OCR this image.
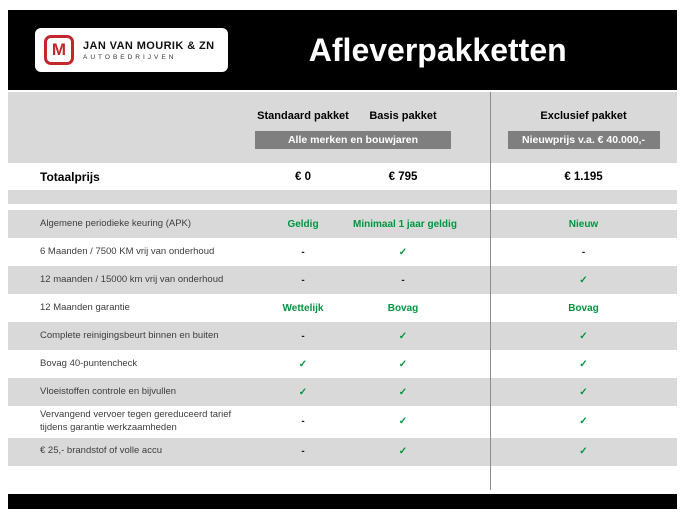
M	JAN VAN MOURIK & ZN
AUTOBEDRIJVEN	Afleverpakketten
Standaard pakket	Basis pakket	Exclusief pakket
Alle merken en bouwjaren	Nieuwprijs v.a. € 40.000,-
Totaalprijs	€ 0	€ 795	€ 1.195
Algemene periodieke keuring (APK)	Geldig	Minimaal 1 jaar geldig	Nieuw
6 Maanden / 7500 KM vrij van onderhoud	-	✓	-
12 maanden / 15000 km vrij van onderhoud	-	-	✓
12 Maanden garantie	Wettelijk	Bovag	Bovag
Complete reinigingsbeurt binnen en buiten	-	✓	✓
Bovag 40-puntencheck	✓	✓	✓
Vloeistoffen controle en bijvullen	✓	✓	✓
Vervangend vervoer tegen gereduceerd tarief tijdens garantie werkzaamheden	-	✓	✓
€ 25,- brandstof of volle accu	-	✓	✓
